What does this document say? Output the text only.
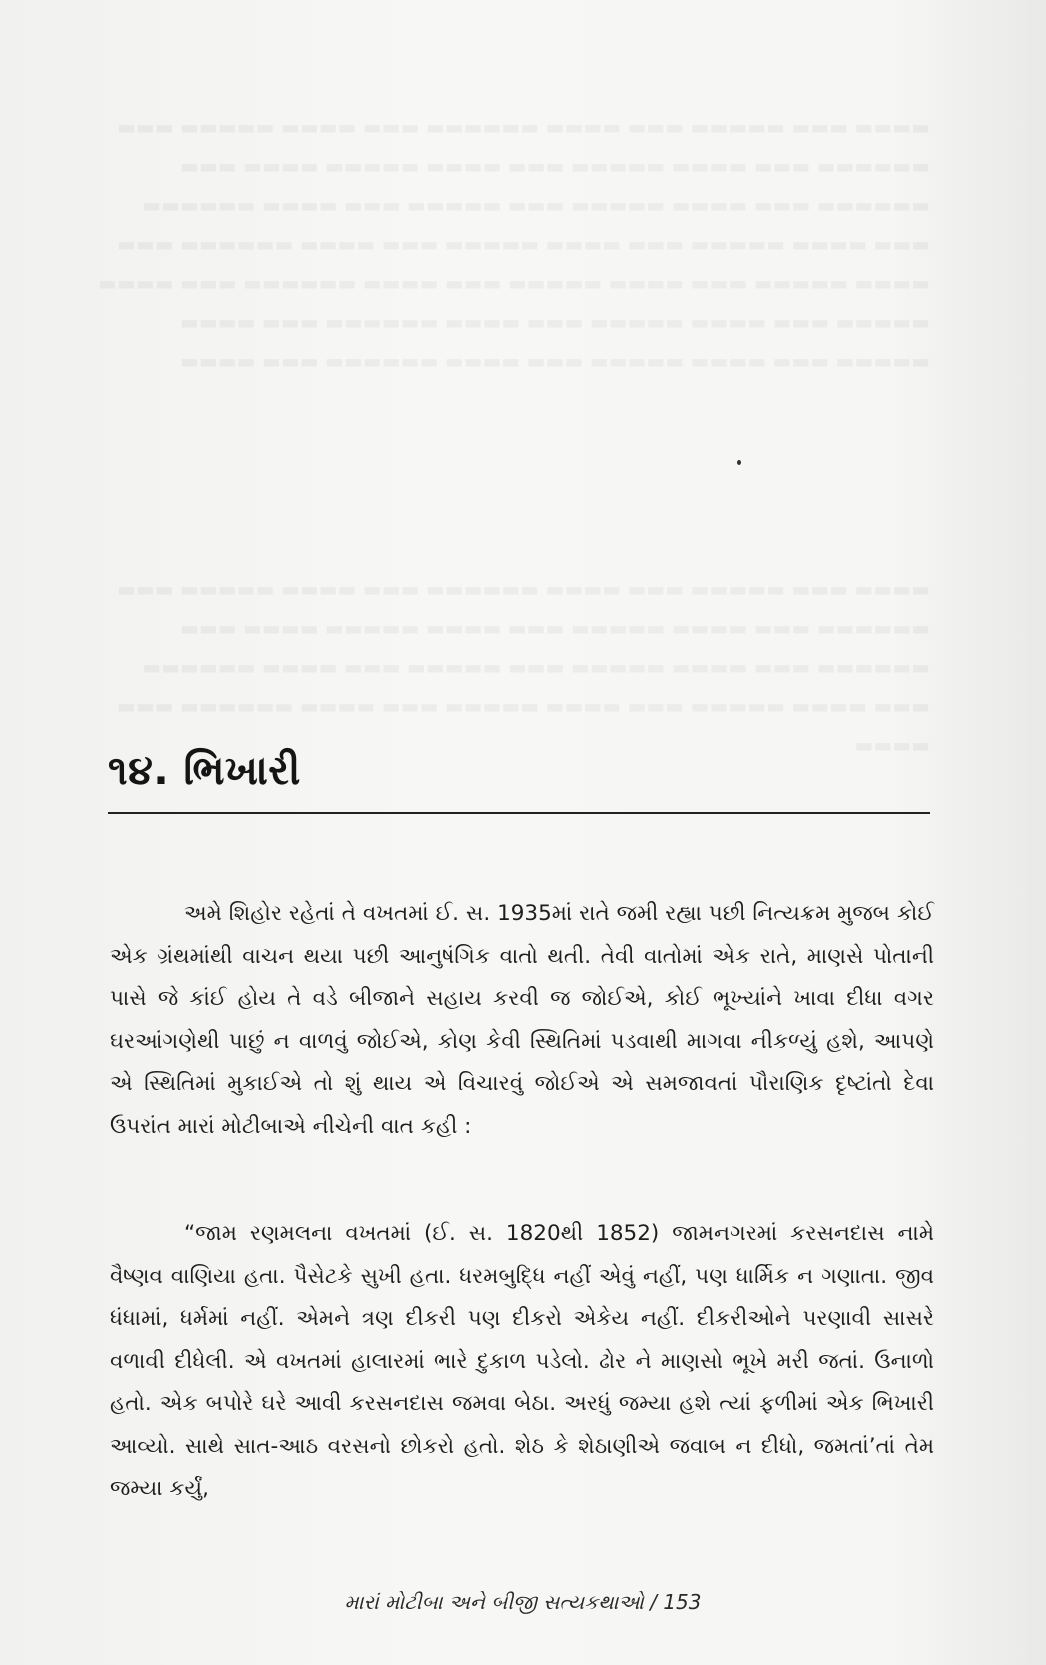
૧૪. ભિખારી

અમે શિહોર રહેતાં તે વખતમાં ઈ. સ. 1935માં રાતે જમી રહ્યા પછી નિત્યક્રમ મુજબ કોઈ એક ગ્રંથમાંથી વાચન થયા પછી આનુષંગિક વાતો થતી. તેવી વાતોમાં એક રાતે, માણસે પોતાની પાસે જે કાંઈ હોય તે વડે બીજાને સહાય કરવી જ જોઈએ, કોઈ ભૂખ્યાંને ખાવા દીધા વગર ઘરઆંગણેથી પાછું ન વાળવું જોઈએ, કોણ કેવી સ્થિતિમાં પડવાથી માગવા નીકળ્યું હશે, આપણે એ સ્થિતિમાં મુકાઈએ તો શું થાય એ વિચારવું જોઈએ એ સમજાવતાં પૌરાણિક દૃષ્ટાંતો દેવા ઉપરાંત મારાં મોટીબાએ નીચેની વાત કહી :

“જામ રણમલના વખતમાં (ઈ. સ. 1820થી 1852) જામનગરમાં કરસનદાસ નામે વૈષ્ણવ વાણિયા હતા. પૈસેટકે સુખી હતા. ધરમબુદ્ધિ નહીં એવું નહીં, પણ ધાર્મિક ન ગણાતા. જીવ ધંધામાં, ધર્મમાં નહીં. એમને ત્રણ દીકરી પણ દીકરો એકેય નહીં. દીકરીઓને પરણાવી સાસરે વળાવી દીધેલી. એ વખતમાં હાલારમાં ભારે દુકાળ પડેલો. ઢોર ને માણસો ભૂખે મરી જતાં. ઉનાળો હતો. એક બપોરે ઘરે આવી કરસનદાસ જમવા બેઠા. અરધું જમ્યા હશે ત્યાં ફળીમાં એક ભિખારી આવ્યો. સાથે સાત-આઠ વરસનો છોકરો હતો. શેઠ કે શેઠાણીએ જવાબ ન દીધો, જમતાં’તાં તેમ જમ્યા કર્યું,

મારાં મોટીબા અને બીજી સત્યકથાઓ / 153
